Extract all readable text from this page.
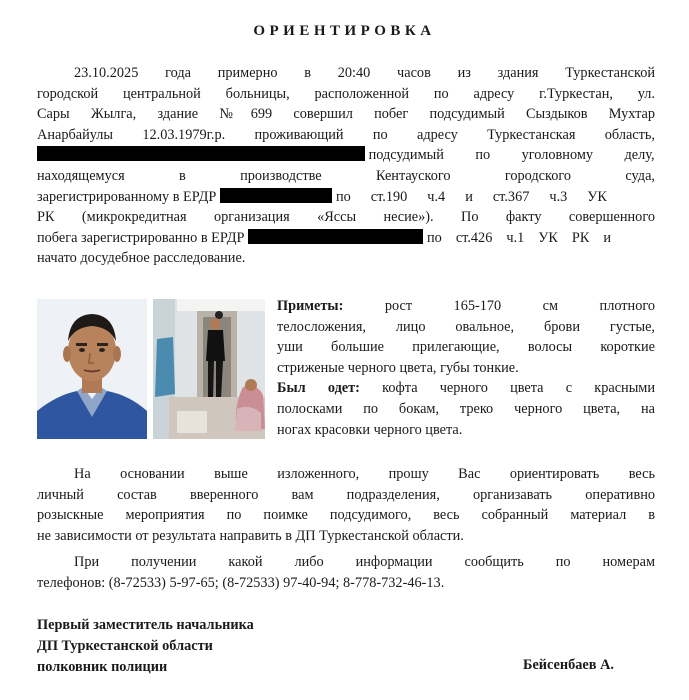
ОРИЕНТИРОВКА
23.10.2025 года примерно в 20:40 часов из здания Туркестанской
городской центральной больницы, расположенной по адресу г.Туркестан, ул.
Сары Жылга, здание №699 совершил побег подсудимый Сыздыков Мухтар
Анарбайулы 12.03.1979г.р. проживающий по адресу Туркестанская область,
подсудимый по уголовному делу,
находящемуся в производстве Кентауского городского суда,
зарегистрированному в ЕРДР	по ст.190 ч.4 и ст.367 ч.3 УК
РК (микрокредитная организация «Яссы несие»). По факту совершенного
побега зарегистрированно в ЕРДР	по ст.426 ч.1 УК РК и
начато досудебное расследование.
Приметы:	рост 165-170 см плотного
телосложения, лицо овальное, брови густые,
уши большие прилегающие, волосы короткие
стриженые черного цвета, губы тонкие.
Был одет: кофта черного цвета с красными
полосками по бокам, треко черного цвета, на
ногах красовки черного цвета.
На основании выше изложенного, прошу Вас ориентировать весь
личный состав вверенного вам подразделения, организавать оперативно
розыскные мероприятия по поимке подсудимого, весь собранный материал в
не зависимости от результата направить в ДП Туркестанской области.
При получении какой либо информации сообщить по номерам
телефонов: (8-72533) 5-97-65; (8-72533) 97-40-94; 8-778-732-46-13.
Первый заместитель начальника
ДП Туркестанской области
полковник полиции	Бейсенбаев А.
